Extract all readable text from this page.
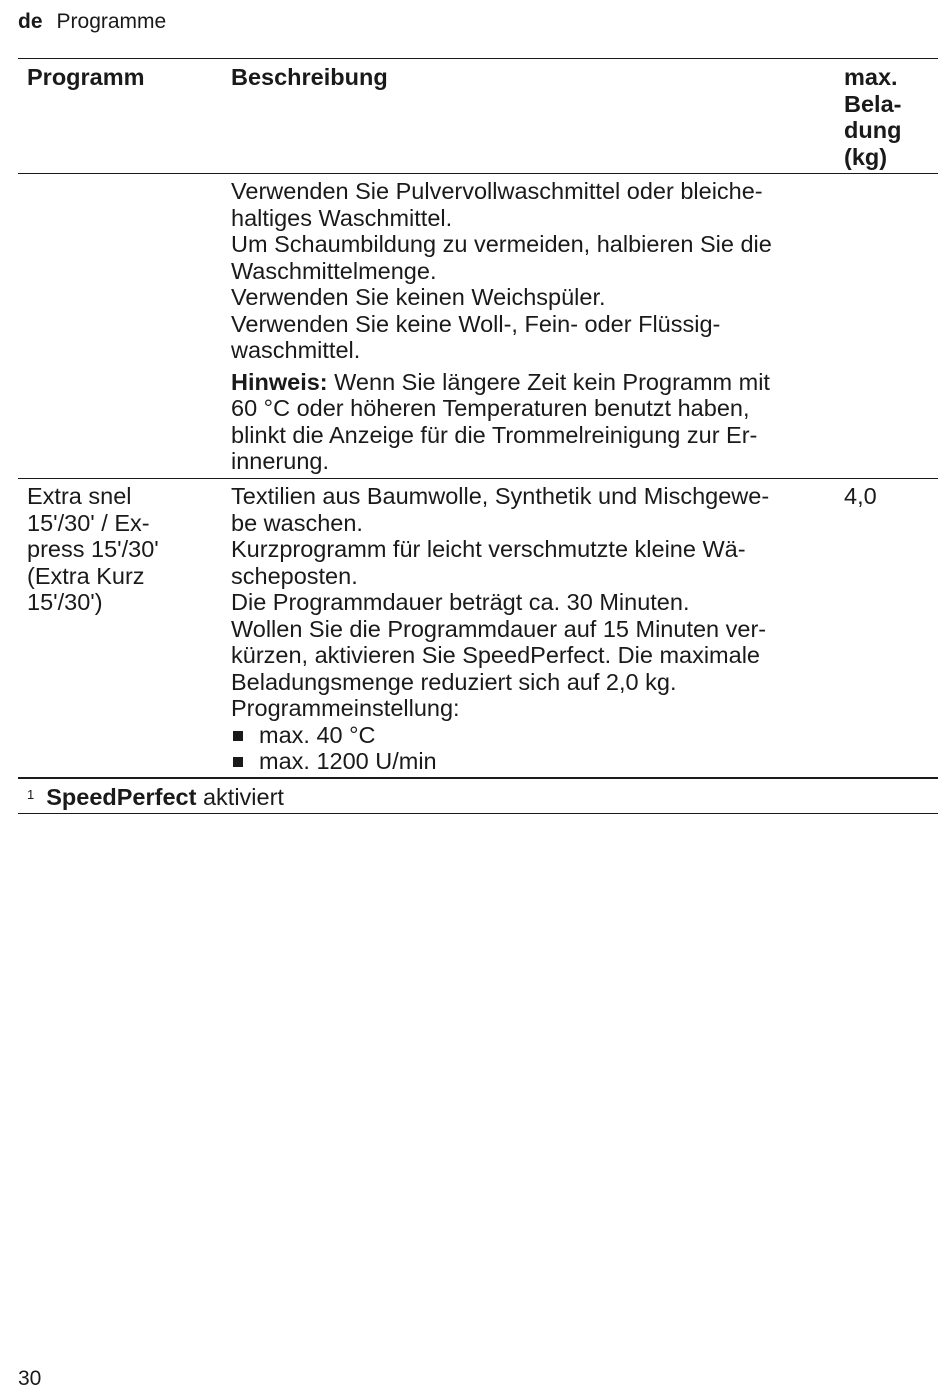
de Programme
Programm	Beschreibung	max.
Bela-
dung
(kg)
Verwenden Sie Pulvervollwaschmittel oder bleiche-
haltiges Waschmittel.
Um Schaumbildung zu vermeiden, halbieren Sie die
Waschmittelmenge.
Verwenden Sie keinen Weichspüler.
Verwenden Sie keine Woll-, Fein- oder Flüssig-
waschmittel.
Hinweis: Wenn Sie längere Zeit kein Programm mit
60 °C oder höheren Temperaturen benutzt haben,
blinkt die Anzeige für die Trommelreinigung zur Er-
innerung.
Extra snel
15'/30' / Ex-
press 15'/30'
(Extra Kurz
15'/30')
Textilien aus Baumwolle, Synthetik und Mischgewe-
be waschen.
Kurzprogramm für leicht verschmutzte kleine Wä-
scheposten.
Die Programmdauer beträgt ca. 30 Minuten.
Wollen Sie die Programmdauer auf 15 Minuten ver-
kürzen, aktivieren Sie SpeedPerfect. Die maximale
Beladungsmenge reduziert sich auf 2,0 kg.
Programmeinstellung:
max. 40 °C
max. 1200 U/min
4,0
$^1$ SpeedPerfect aktiviert
30
